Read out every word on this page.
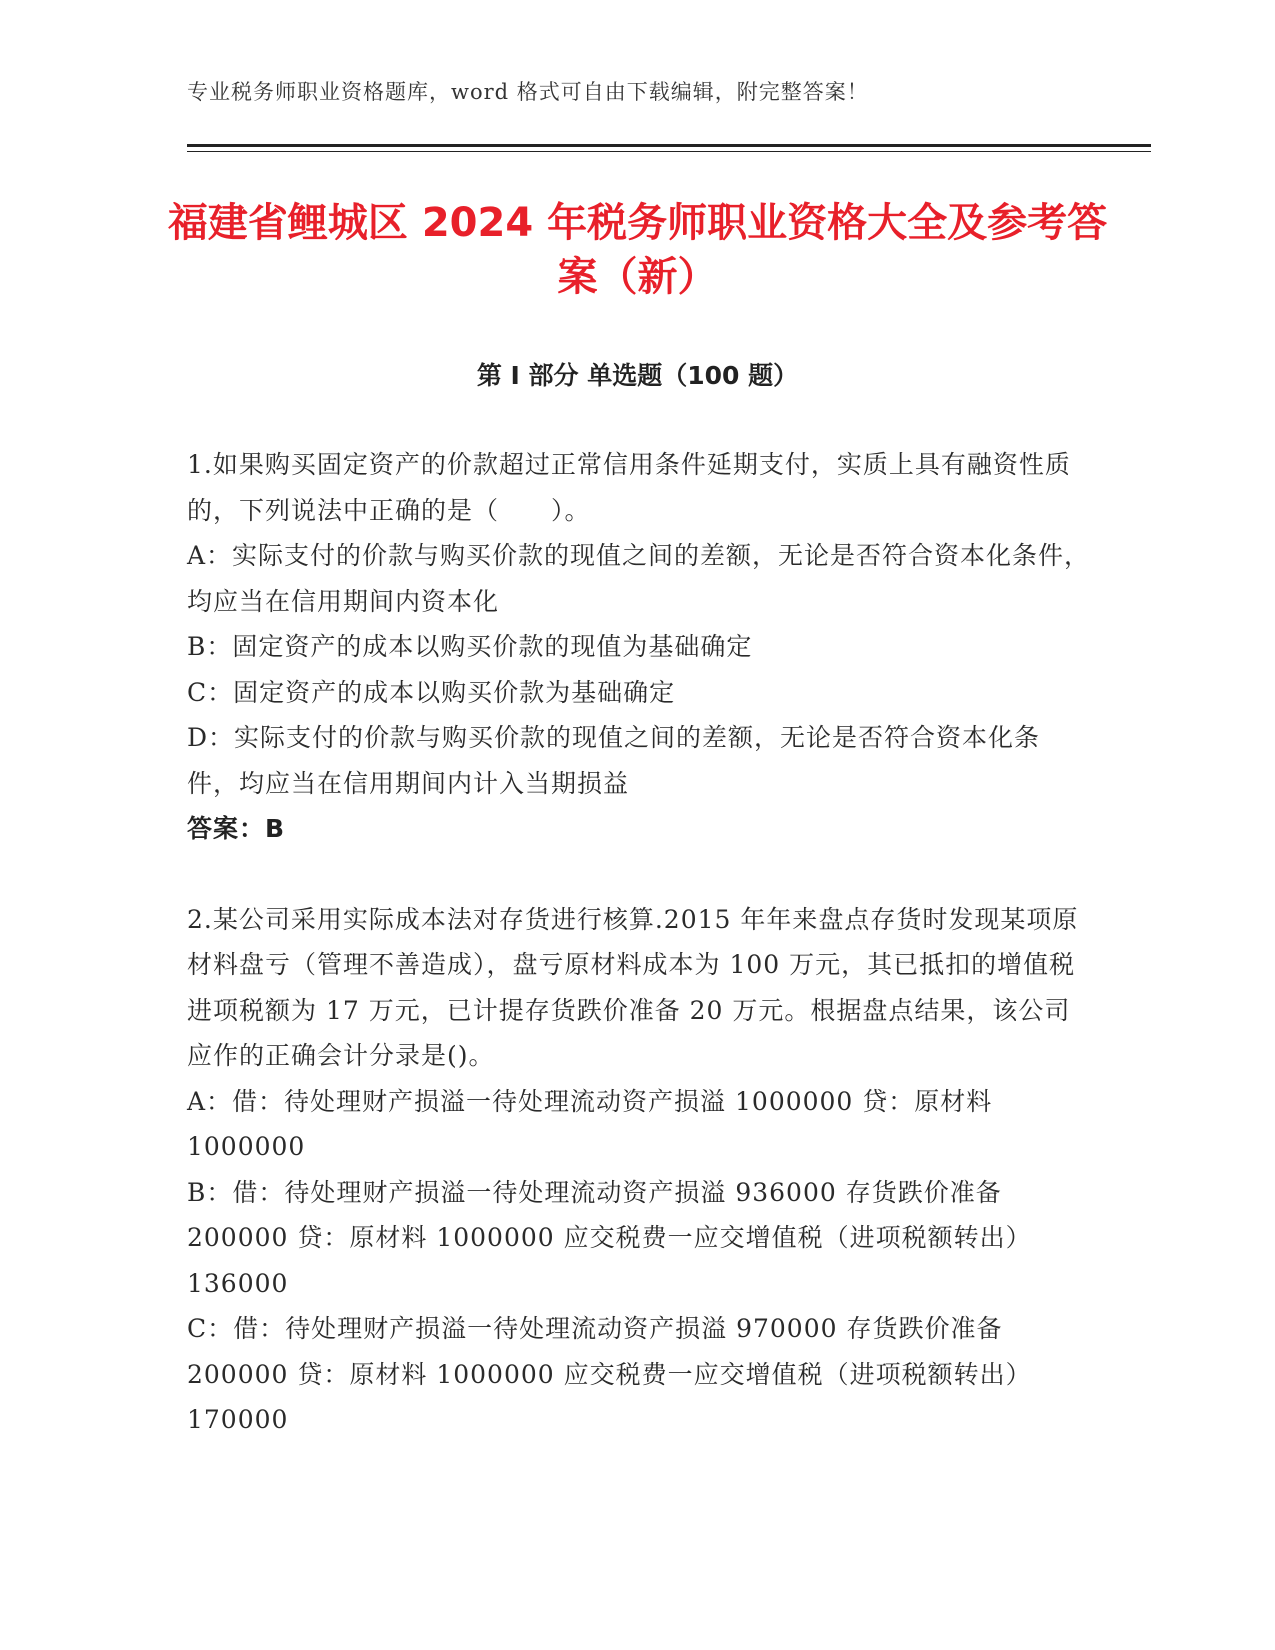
专业税务师职业资格题库，word 格式可自由下载编辑，附完整答案！
福建省鲤城区 2024 年税务师职业资格大全及参考答案（新）
第 I 部分 单选题（100 题）

1.如果购买固定资产的价款超过正常信用条件延期支付，实质上具有融资性质的，下列说法中正确的是（　　）。

A：实际支付的价款与购买价款的现值之间的差额，无论是否符合资本化条件，均应当在信用期间内资本化

B：固定资产的成本以购买价款的现值为基础确定

C：固定资产的成本以购买价款为基础确定

D：实际支付的价款与购买价款的现值之间的差额，无论是否符合资本化条件，均应当在信用期间内计入当期损益

答案：B

2.某公司采用实际成本法对存货进行核算.2015 年年来盘点存货时发现某项原材料盘亏（管理不善造成），盘亏原材料成本为 100 万元，其已抵扣的增值税进项税额为 17 万元，已计提存货跌价准备 20 万元。根据盘点结果，该公司应作的正确会计分录是()。

A：借：待处理财产损溢一待处理流动资产损溢 1000000 贷：原材料 1000000

B：借：待处理财产损溢一待处理流动资产损溢 936000 存货跌价准备 200000 贷：原材料 1000000 应交税费一应交增值税（进项税额转出）136000

C：借：待处理财产损溢一待处理流动资产损溢 970000 存货跌价准备 200000 贷：原材料 1000000 应交税费一应交增值税（进项税额转出）170000
